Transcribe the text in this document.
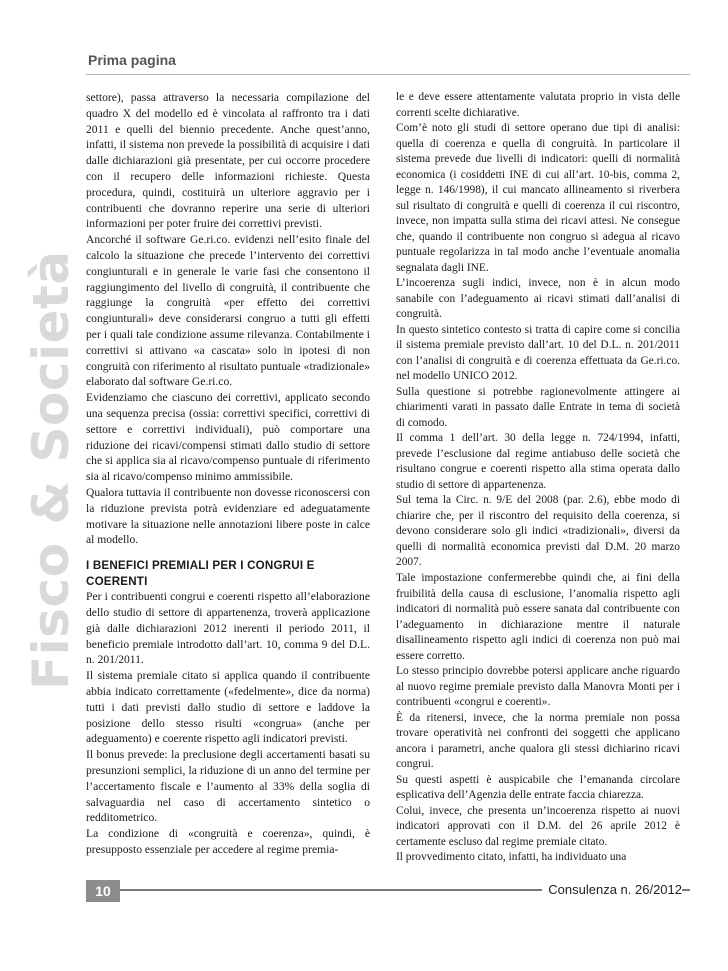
Prima pagina
Fisco & Società

settore), passa attraverso la necessaria compilazione del quadro X del modello ed è vincolata al raffronto tra i dati 2011 e quelli del biennio precedente. Anche quest’anno, infatti, il sistema non prevede la possibilità di acquisire i dati dalle dichiarazioni già presentate, per cui occorre procedere con il recupero delle informazioni richieste. Questa procedura, quindi, costituirà un ulteriore aggravio per i contribuenti che dovranno reperire una serie di ulteriori informazioni per poter fruire dei correttivi previsti.

Ancorché il software Ge.ri.co. evidenzi nell’esito finale del calcolo la situazione che precede l’intervento dei correttivi congiunturali e in generale le varie fasi che consentono il raggiungimento del livello di congruità, il contribuente che raggiunge la congruità «per effetto dei correttivi congiunturali» deve considerarsi congruo a tutti gli effetti per i quali tale condizione assume rilevanza. Contabilmente i correttivi si attivano «a cascata» solo in ipotesi di non congruità con riferimento al risultato puntuale «tradizionale» elaborato dal software Ge.ri.co.

Evidenziamo che ciascuno dei correttivi, applicato secondo una sequenza precisa (ossia: correttivi specifici, correttivi di settore e correttivi individuali), può comportare una riduzione dei ricavi/compensi stimati dallo studio di settore che si applica sia al ricavo/compenso puntuale di riferimento sia al ricavo/compenso minimo ammissibile.

Qualora tuttavia il contribuente non dovesse riconoscersi con la riduzione prevista potrà evidenziare ed adeguatamente motivare la situazione nelle annotazioni libere poste in calce al modello.

I BENEFICI PREMIALI PER I CONGRUI E COERENTI

Per i contribuenti congrui e coerenti rispetto all’elaborazione dello studio di settore di appartenenza, troverà applicazione già dalle dichiarazioni 2012 inerenti il periodo 2011, il beneficio premiale introdotto dall’art. 10, comma 9 del D.L. n. 201/2011.

Il sistema premiale citato si applica quando il contribuente abbia indicato correttamente («fedelmente», dice da norma) tutti i dati previsti dallo studio di settore e laddove la posizione dello stesso risulti «congrua» (anche per adeguamento) e coerente rispetto agli indicatori previsti.

Il bonus prevede: la preclusione degli accertamenti basati su presunzioni semplici, la riduzione di un anno del termine per l’accertamento fiscale e l’aumento al 33% della soglia di salvaguardia nel caso di accertamento sintetico o redditometrico.

La condizione di «congruità e coerenza», quindi, è presupposto essenziale per accedere al regime premia-

le e deve essere attentamente valutata proprio in vista delle correnti scelte dichiarative.

Com’è noto gli studi di settore operano due tipi di analisi: quella di coerenza e quella di congruità. In particolare il sistema prevede due livelli di indicatori: quelli di normalità economica (i cosiddetti INE di cui all’art. 10-bis, comma 2, legge n. 146/1998), il cui mancato allineamento si riverbera sul risultato di congruità e quelli di coerenza il cui riscontro, invece, non impatta sulla stima dei ricavi attesi. Ne consegue che, quando il contribuente non congruo si adegua al ricavo puntuale regolarizza in tal modo anche l’eventuale anomalia segnalata dagli INE.

L’incoerenza sugli indici, invece, non è in alcun modo sanabile con l’adeguamento ai ricavi stimati dall’analisi di congruità.

In questo sintetico contesto si tratta di capire come si concilia il sistema premiale previsto dall’art. 10 del D.L. n. 201/2011 con l’analisi di congruità e di coerenza effettuata da Ge.ri.co. nel modello UNICO 2012.

Sulla questione si potrebbe ragionevolmente attingere ai chiarimenti varati in passato dalle Entrate in tema di società di comodo.

Il comma 1 dell’art. 30 della legge n. 724/1994, infatti, prevede l’esclusione dal regime antiabuso delle società che risultano congrue e coerenti rispetto alla stima operata dallo studio di settore di appartenenza.

Sul tema la Circ. n. 9/E del 2008 (par. 2.6), ebbe modo di chiarire che, per il riscontro del requisito della coerenza, si devono considerare solo gli indici «tradizionali», diversi da quelli di normalità economica previsti dal D.M. 20 marzo 2007.

Tale impostazione confermerebbe quindi che, ai fini della fruibilità della causa di esclusione, l’anomalia rispetto agli indicatori di normalità può essere sanata dal contribuente con l’adeguamento in dichiarazione mentre il naturale disallineamento rispetto agli indici di coerenza non può mai essere corretto.

Lo stesso principio dovrebbe potersi applicare anche riguardo al nuovo regime premiale previsto dalla Manovra Monti per i contribuenti «congrui e coerenti».

È da ritenersi, invece, che la norma premiale non possa trovare operatività nei confronti dei soggetti che applicano ancora i parametri, anche qualora gli stessi dichiarino ricavi congrui.

Su questi aspetti è auspicabile che l’emananda circolare esplicativa dell’Agenzia delle entrate faccia chiarezza.

Colui, invece, che presenta un’incoerenza rispetto ai nuovi indicatori approvati con il D.M. del 26 aprile 2012 è certamente escluso dal regime premiale citato.

Il provvedimento citato, infatti, ha individuato una

10	Consulenza n. 26/2012
